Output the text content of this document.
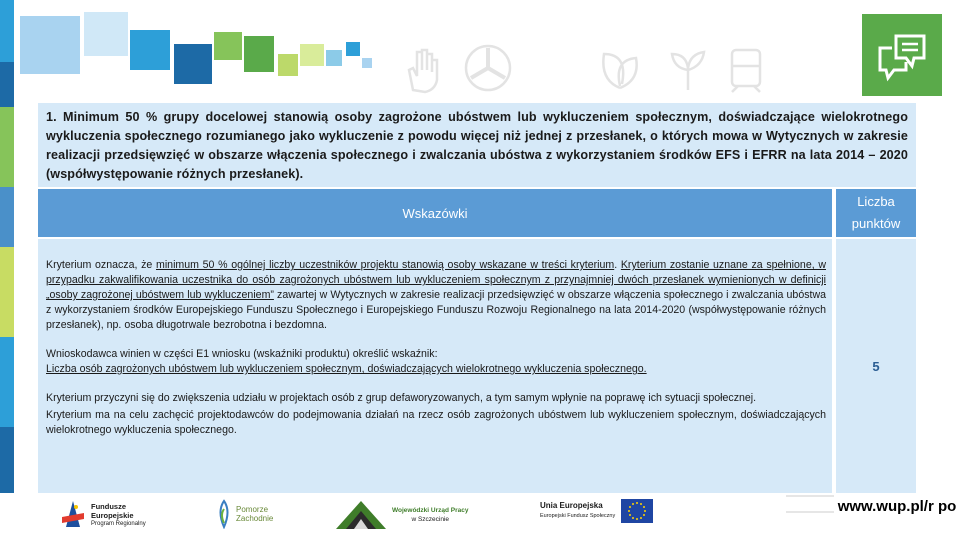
1. Minimum 50 % grupy docelowej stanowią osoby zagrożone ubóstwem lub wykluczeniem społecznym, doświadczające wielokrotnego wykluczenia społecznego rozumianego jako wykluczenie z powodu więcej niż jednej z przesłanek, o których mowa w Wytycznych w zakresie realizacji przedsięwzięć w obszarze włączenia społecznego i zwalczania ubóstwa z wykorzystaniem środków EFS i EFRR na lata 2014 – 2020 (współwystępowanie różnych przesłanek).
Wskazówki
Liczba punktów
Kryterium oznacza, że minimum 50 % ogólnej liczby uczestników projektu stanowią osoby wskazane w treści kryterium. Kryterium zostanie uznane za spełnione, w przypadku zakwalifikowania uczestnika do osób zagrożonych ubóstwem lub wykluczeniem społecznym z przynajmniej dwóch przesłanek wymienionych w definicji „osoby zagrożonej ubóstwem lub wykluczeniem” zawartej w Wytycznych w zakresie realizacji przedsięwzięć w obszarze włączenia społecznego i zwalczania ubóstwa z wykorzystaniem środków Europejskiego Funduszu Społecznego i Europejskiego Funduszu Rozwoju Regionalnego na lata 2014-2020 (współwystępowanie różnych przesłanek), np. osoba długotrwale bezrobotna i bezdomna.
Wnioskodawca winien w części E1 wniosku (wskaźniki produktu) określić wskaźnik:
Liczba osób zagrożonych ubóstwem lub wykluczeniem społecznym, doświadczających wielokrotnego wykluczenia społecznego.
Kryterium przyczyni się do zwiększenia udziału w projektach osób z grup defaworyzowanych, a tym samym wpłynie na poprawę ich sytuacji społecznej.
Kryterium ma na celu zachęcić projektodawców do podejmowania działań na rzecz osób zagrożonych ubóstwem lub wykluczeniem społecznym, doświadczających wielokrotnego wykluczenia społecznego.
5
Fundusze
Europejskie
Program Regionalny
Pomorze
Zachodnie
Wojewódzki Urząd Pracy
w Szczecinie
Unia Europejska
Europejski Fundusz Społeczny
www.wup.pl/r po
